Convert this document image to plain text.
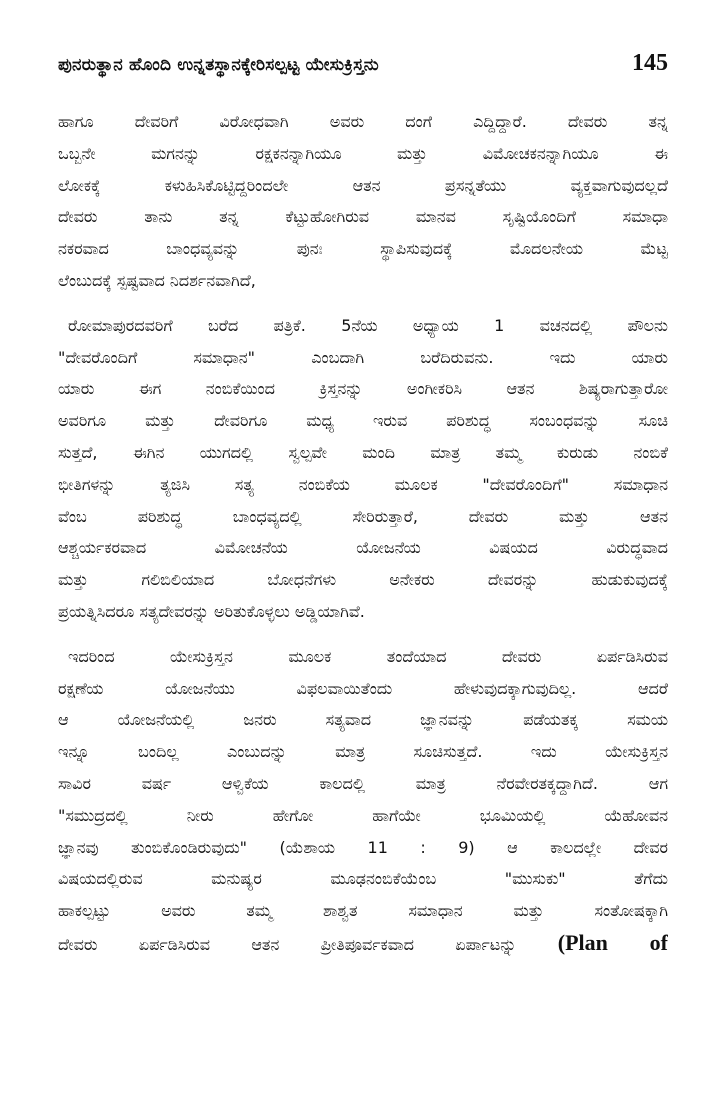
ಪುನರುತ್ಥಾನ ಹೊಂದಿ ಉನ್ನತಸ್ಥಾನಕ್ಕೇರಿಸಲ್ಪಟ್ಟ ಯೇಸುಕ್ರಿಸ್ತನು	145
ಹಾಗೂ ದೇವರಿಗೆ ವಿರೋಧವಾಗಿ ಅವರು ದಂಗೆ ಎದ್ದಿದ್ದಾರೆ. ದೇವರು ತನ್ನ
ಒಬ್ಬನೇ ಮಗನನ್ನು ರಕ್ಷಕನನ್ನಾಗಿಯೂ ಮತ್ತು ವಿಮೋಚಕನನ್ನಾಗಿಯೂ ಈ
ಲೋಕಕ್ಕೆ ಕಳುಹಿಸಿಕೊಟ್ಟಿದ್ದರಿಂದಲೇ ಆತನ ಪ್ರಸನ್ನತೆಯು ವ್ಯಕ್ತವಾಗುವುದಲ್ಲದೆ
ದೇವರು ತಾನು ತನ್ನ ಕೆಟ್ಟುಹೋಗಿರುವ ಮಾನವ ಸೃಷ್ಟಿಯೊಂದಿಗೆ ಸಮಾಧಾ
ನಕರವಾದ ಬಾಂಧವ್ಯವನ್ನು ಪುನಃ ಸ್ಥಾಪಿಸುವುದಕ್ಕೆ ಮೊದಲನೇಯ ಮೆಟ್ಟ
ಲೆಂಬುದಕ್ಕೆ ಸ್ಪಷ್ಟವಾದ ನಿದರ್ಶನವಾಗಿದೆ,
ರೋಮಾಪುರದವರಿಗೆ ಬರೆದ ಪತ್ರಿಕೆ. 5ನೆಯ ಅಧ್ಯಾಯ 1 ವಚನದಲ್ಲಿ ಪೌಲನು
"ದೇವರೊಂದಿಗೆ ಸಮಾಧಾನ" ಎಂಬದಾಗಿ ಬರೆದಿರುವನು. ಇದು ಯಾರು
ಯಾರು ಈಗ ನಂಬಿಕೆಯಿಂದ ಕ್ರಿಸ್ತನನ್ನು ಅಂಗೀಕರಿಸಿ ಆತನ ಶಿಷ್ಯರಾಗುತ್ತಾರೋ
ಅವರಿಗೂ ಮತ್ತು ದೇವರಿಗೂ ಮಧ್ಯ ಇರುವ ಪರಿಶುದ್ಧ ಸಂಬಂಧವನ್ನು ಸೂಚಿ
ಸುತ್ತದೆ, ಈಗಿನ ಯುಗದಲ್ಲಿ ಸ್ವಲ್ಪವೇ ಮಂದಿ ಮಾತ್ರ ತಮ್ಮ ಕುರುಡು ನಂಬಿಕೆ
ಭೀತಿಗಳನ್ನು ತ್ಯಜಿಸಿ ಸತ್ಯ ನಂಬಿಕೆಯ ಮೂಲಕ "ದೇವರೊಂದಿಗೆ" ಸಮಾಧಾನ
ವೆಂಬ ಪರಿಶುದ್ಧ ಬಾಂಧವ್ಯದಲ್ಲಿ ಸೇರಿರುತ್ತಾರೆ, ದೇವರು ಮತ್ತು ಆತನ
ಆಶ್ಚರ್ಯಕರವಾದ ವಿಮೋಚನೆಯ ಯೋಜನೆಯ ವಿಷಯದ ವಿರುದ್ಧವಾದ
ಮತ್ತು ಗಲಿಬಿಲಿಯಾದ ಬೋಧನೆಗಳು ಅನೇಕರು ದೇವರನ್ನು ಹುಡುಕುವುದಕ್ಕೆ
ಪ್ರಯತ್ನಿಸಿದರೂ ಸತ್ಯದೇವರನ್ನು ಅರಿತುಕೊಳ್ಳಲು ಅಡ್ಡಿಯಾಗಿವೆ.
ಇದರಿಂದ ಯೇಸುಕ್ರಿಸ್ತನ ಮೂಲಕ ತಂದೆಯಾದ ದೇವರು ಏರ್ಪಡಿಸಿರುವ
ರಕ್ಷಣೆಯ ಯೋಜನೆಯು ವಿಫಲವಾಯಿತೆಂದು ಹೇಳುವುದಕ್ಕಾಗುವುದಿಲ್ಲ. ಆದರೆ
ಆ ಯೋಜನೆಯಲ್ಲಿ ಜನರು ಸತ್ಯವಾದ ಜ್ಞಾನವನ್ನು ಪಡೆಯತಕ್ಕ ಸಮಯ
ಇನ್ನೂ ಬಂದಿಲ್ಲ ಎಂಬುದನ್ನು ಮಾತ್ರ ಸೂಚಿಸುತ್ತದೆ. ಇದು ಯೇಸುಕ್ರಿಸ್ತನ
ಸಾವಿರ ವರ್ಷ ಆಳ್ವಿಕೆಯ ಕಾಲದಲ್ಲಿ ಮಾತ್ರ ನೆರವೇರತಕ್ಕದ್ದಾಗಿದೆ. ಆಗ
"ಸಮುದ್ರದಲ್ಲಿ ನೀರು ಹೇಗೋ ಹಾಗೆಯೇ ಭೂಮಿಯಲ್ಲಿ ಯೆಹೋವನ
ಜ್ಞಾನವು ತುಂಬಿಕೊಂಡಿರುವುದು" (ಯೆಶಾಯ 11 : 9) ಆ ಕಾಲದಲ್ಲೇ ದೇವರ
ವಿಷಯದಲ್ಲಿರುವ ಮನುಷ್ಯರ ಮೂಢನಂಬಿಕೆಯೆಂಬ "ಮುಸುಕು" ತೆಗೆದು
ಹಾಕಲ್ಪಟ್ಟು ಅವರು ತಮ್ಮ ಶಾಶ್ವತ ಸಮಾಧಾನ ಮತ್ತು ಸಂತೋಷಕ್ಕಾಗಿ
ದೇವರು ಏರ್ಪಡಿಸಿರುವ ಆತನ ಪ್ರೀತಿಪೂರ್ವಕವಾದ ಏರ್ಪಾಟನ್ನು (Plan of
